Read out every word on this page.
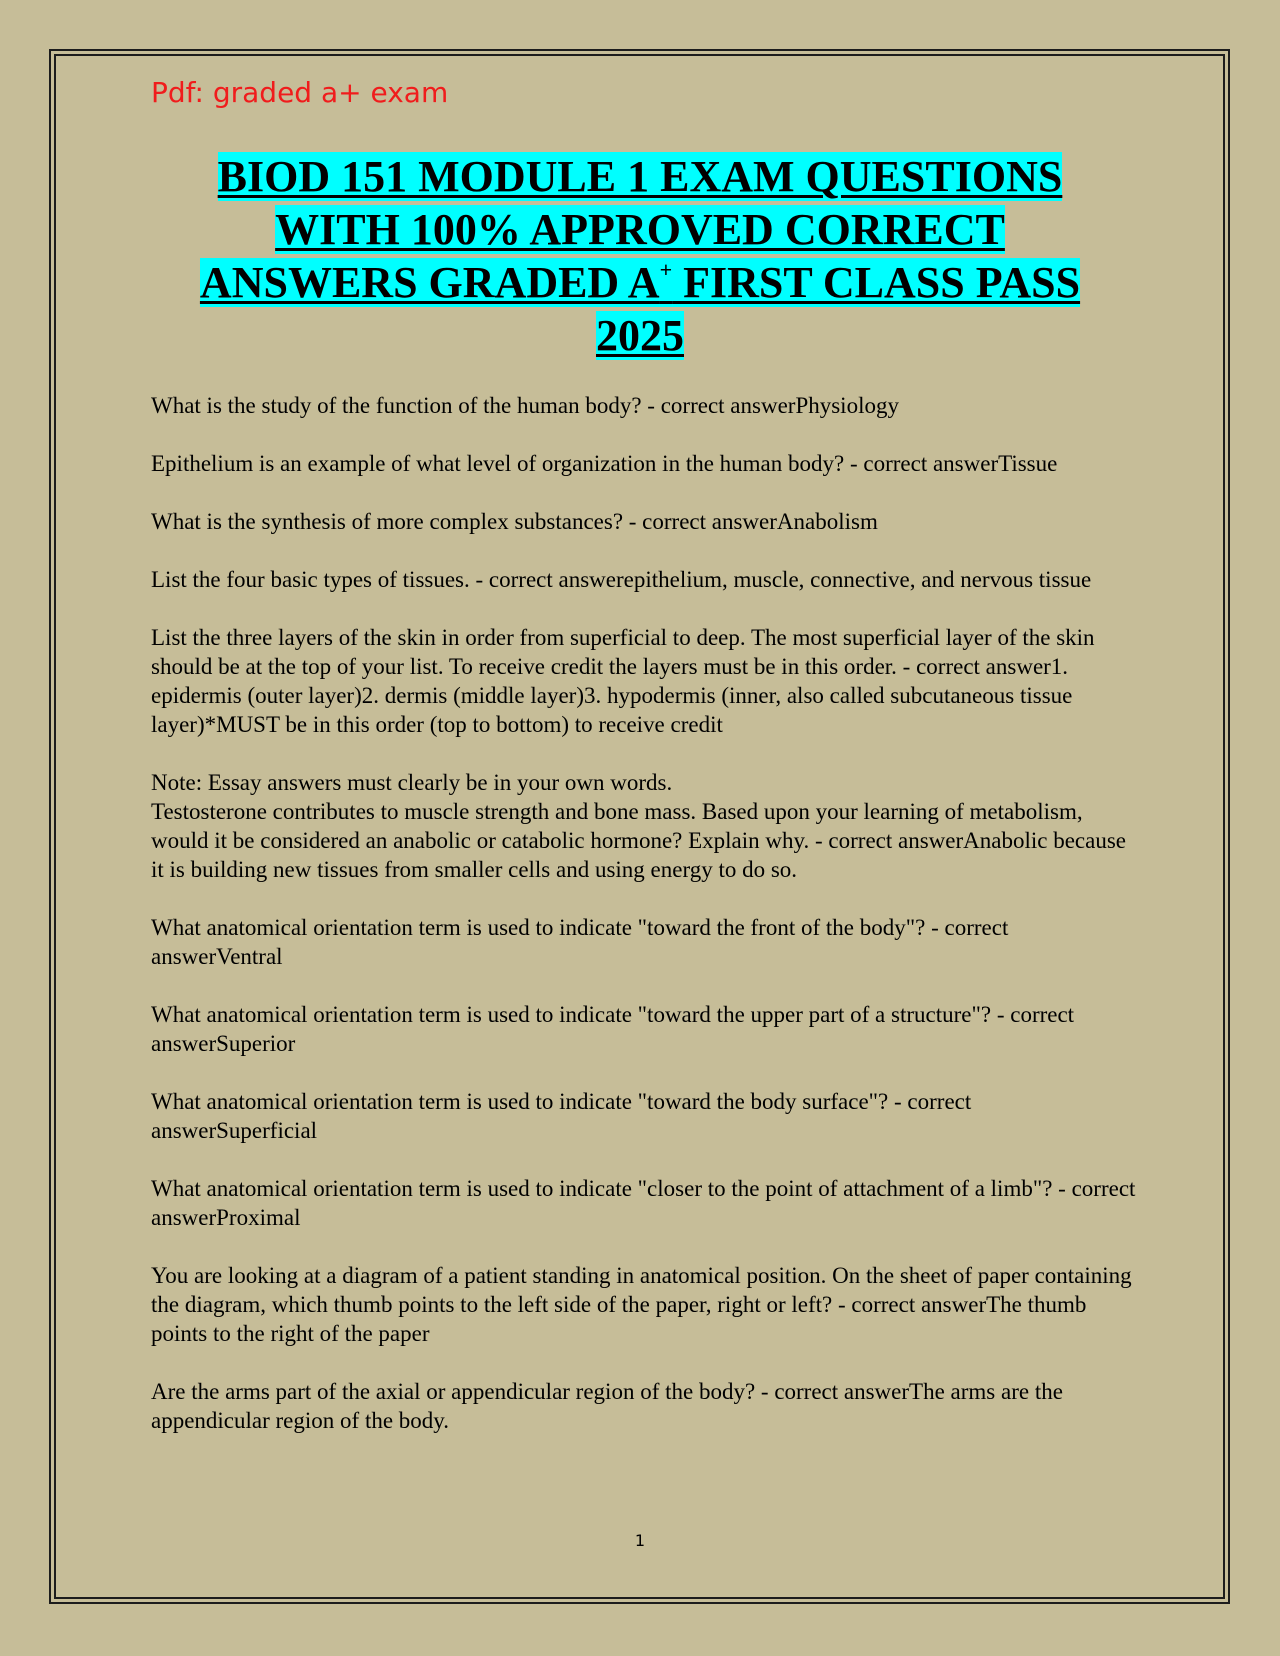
Pdf: graded a+ exam
BIOD 151 MODULE 1 EXAM QUESTIONS
WITH 100% APPROVED CORRECT
ANSWERS GRADED A+ FIRST CLASS PASS
2025
What is the study of the function of the human body? - correct answerPhysiology
Epithelium is an example of what level of organization in the human body? - correct answerTissue
What is the synthesis of more complex substances? - correct answerAnabolism
List the four basic types of tissues. - correct answerepithelium, muscle, connective, and nervous tissue
List the three layers of the skin in order from superficial to deep. The most superficial layer of the skin should be at the top of your list. To receive credit the layers must be in this order. - correct answer1. epidermis (outer layer)2. dermis (middle layer)3. hypodermis (inner, also called subcutaneous tissue layer)*MUST be in this order (top to bottom) to receive credit
Note: Essay answers must clearly be in your own words.
Testosterone contributes to muscle strength and bone mass. Based upon your learning of metabolism, would it be considered an anabolic or catabolic hormone? Explain why. - correct answerAnabolic because it is building new tissues from smaller cells and using energy to do so.
What anatomical orientation term is used to indicate "toward the front of the body"? - correct answerVentral
What anatomical orientation term is used to indicate "toward the upper part of a structure"? - correct answerSuperior
What anatomical orientation term is used to indicate "toward the body surface"? - correct answerSuperficial
What anatomical orientation term is used to indicate "closer to the point of attachment of a limb"? - correct answerProximal
You are looking at a diagram of a patient standing in anatomical position. On the sheet of paper containing the diagram, which thumb points to the left side of the paper, right or left? - correct answerThe thumb points to the right of the paper
Are the arms part of the axial or appendicular region of the body? - correct answerThe arms are the appendicular region of the body.
1
